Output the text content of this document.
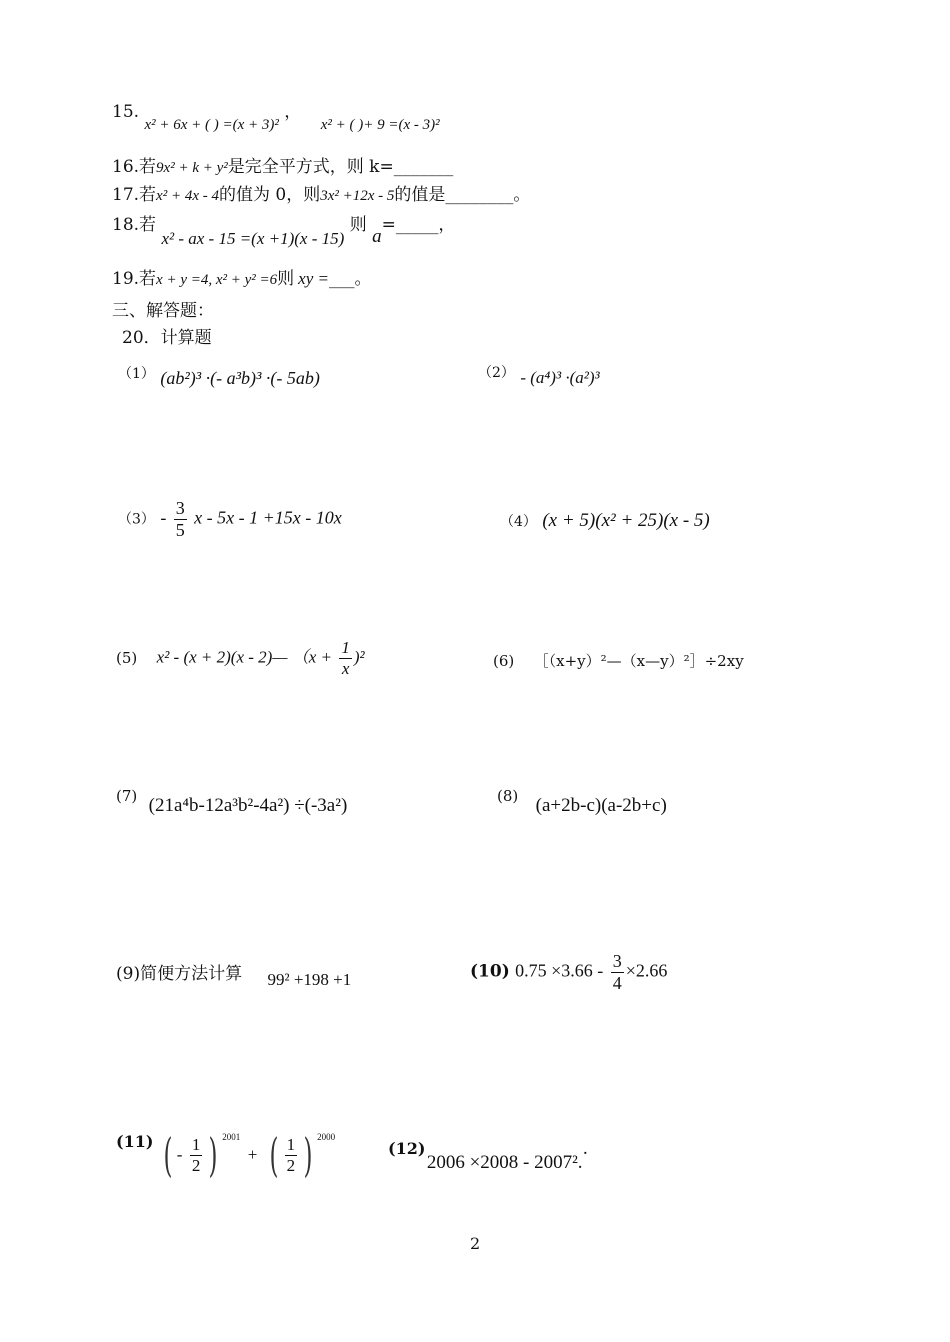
15. x² + 6x + ( ) =(x + 3)² ， x² + ( )+ 9 =(x - 3)²
16.若9x² + k + y²是完全平方式，则 k=_______
17.若x² + 4x - 4的值为 0，则3x² +12x - 5的值是________。
18.若 x² - ax - 15 =(x +1)(x - 15) 则 a=_____，
19.若x + y =4, x² + y² =6则 xy =___。
三、解答题：
20．计算题
（1） (ab²)³ ·(- a³b)³ ·(- 5ab)	（2） - (a⁴)³ ·(a²)³
$(3) - \frac{3}{5}$ x - 5x - 1 +15x - 10x	（4） (x + 5)(x² + 25)(x - 5)
(5) x² - (x + 2)(x - 2)— $(x + \frac{1}{x} )^2$	(6) ［（x+y）²—（x—y）²］÷2xy
(7) (21a⁴b-12a³b²-4a²) ÷(-3a²)	(8) (a+2b-c)(a-2b+c)
(9)简便方法计算 99² +198 +1	(10) $0.75 \times 3.66 - \frac{3}{4} \times 2.66$
(11) ( - $\frac{1}{2}$ ) $^{2001}$ + ( $\frac{1}{2}$ ) $^{2000}$
(12) 2006 ×2008 - 2007²..
2
